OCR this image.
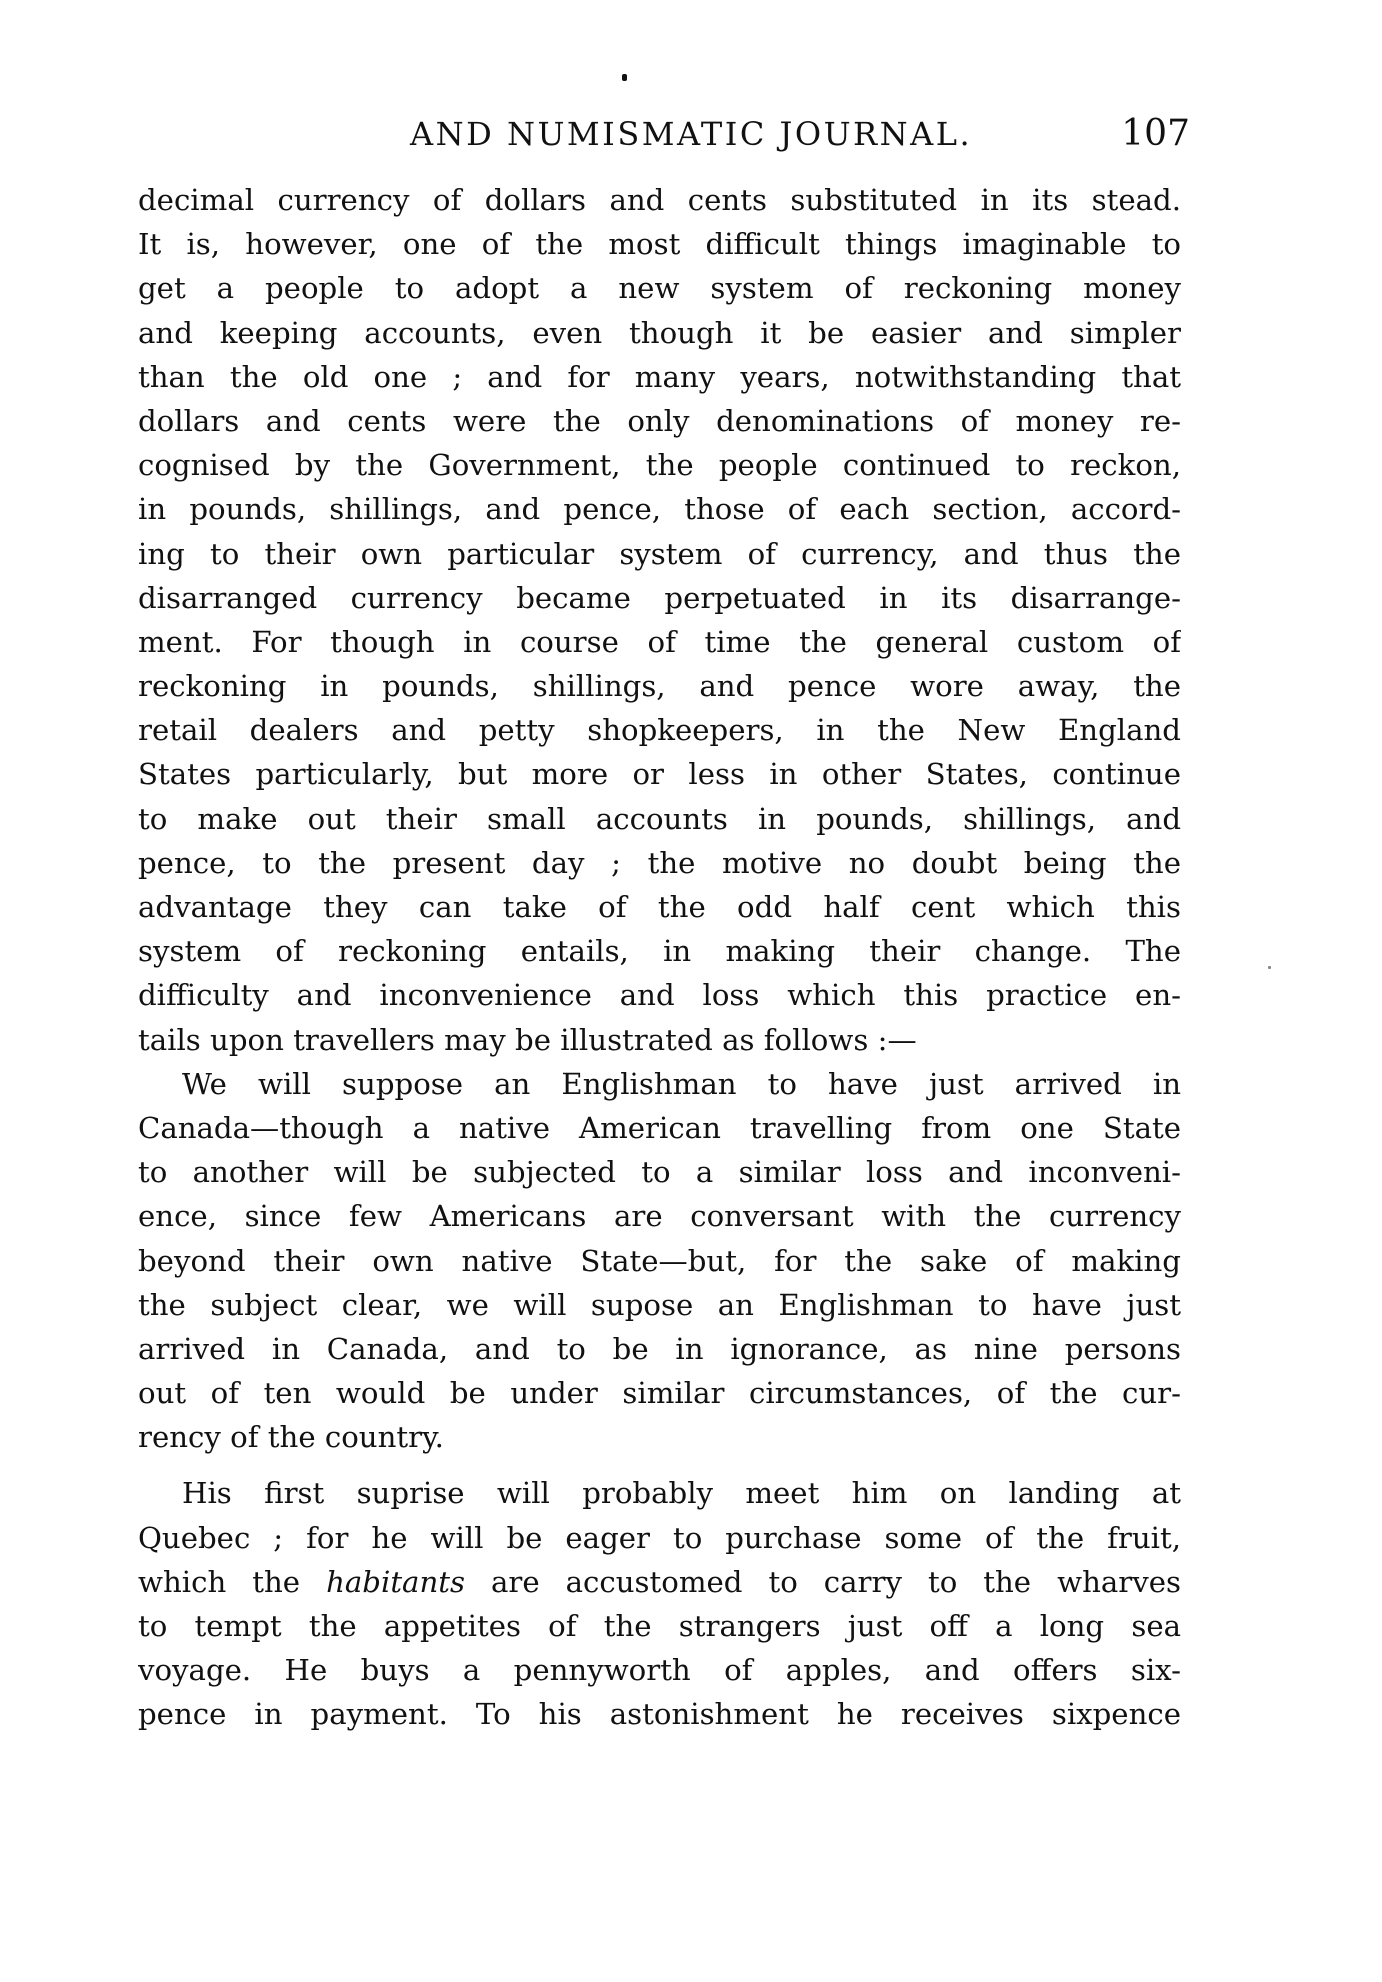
AND NUMISMATIC JOURNAL.	107
decimal currency of dollars and cents substituted in its stead.
It is, however, one of the most difficult things imaginable to
get a people to adopt a new system of reckoning money
and keeping accounts, even though it be easier and simpler
than the old one ; and for many years, notwithstanding that
dollars and cents were the only denominations of money re-
cognised by the Government, the people continued to reckon,
in pounds, shillings, and pence, those of each section, accord-
ing to their own particular system of currency, and thus the
disarranged currency became perpetuated in its disarrange-
ment. For though in course of time the general custom of
reckoning in pounds, shillings, and pence wore away, the
retail dealers and petty shopkeepers, in the New England
States particularly, but more or less in other States, continue
to make out their small accounts in pounds, shillings, and
pence, to the present day ; the motive no doubt being the
advantage they can take of the odd half cent which this
system of reckoning entails, in making their change. The
difficulty and inconvenience and loss which this practice en-
tails upon travellers may be illustrated as follows :—
We will suppose an Englishman to have just arrived in
Canada—though a native American travelling from one State
to another will be subjected to a similar loss and inconveni-
ence, since few Americans are conversant with the currency
beyond their own native State—but, for the sake of making
the subject clear, we will supose an Englishman to have just
arrived in Canada, and to be in ignorance, as nine persons
out of ten would be under similar circumstances, of the cur-
rency of the country.
His first suprise will probably meet him on landing at
Quebec ; for he will be eager to purchase some of the fruit,
which the habitants are accustomed to carry to the wharves
to tempt the appetites of the strangers just off a long sea
voyage. He buys a pennyworth of apples, and offers six-
pence in payment. To his astonishment he receives sixpence
